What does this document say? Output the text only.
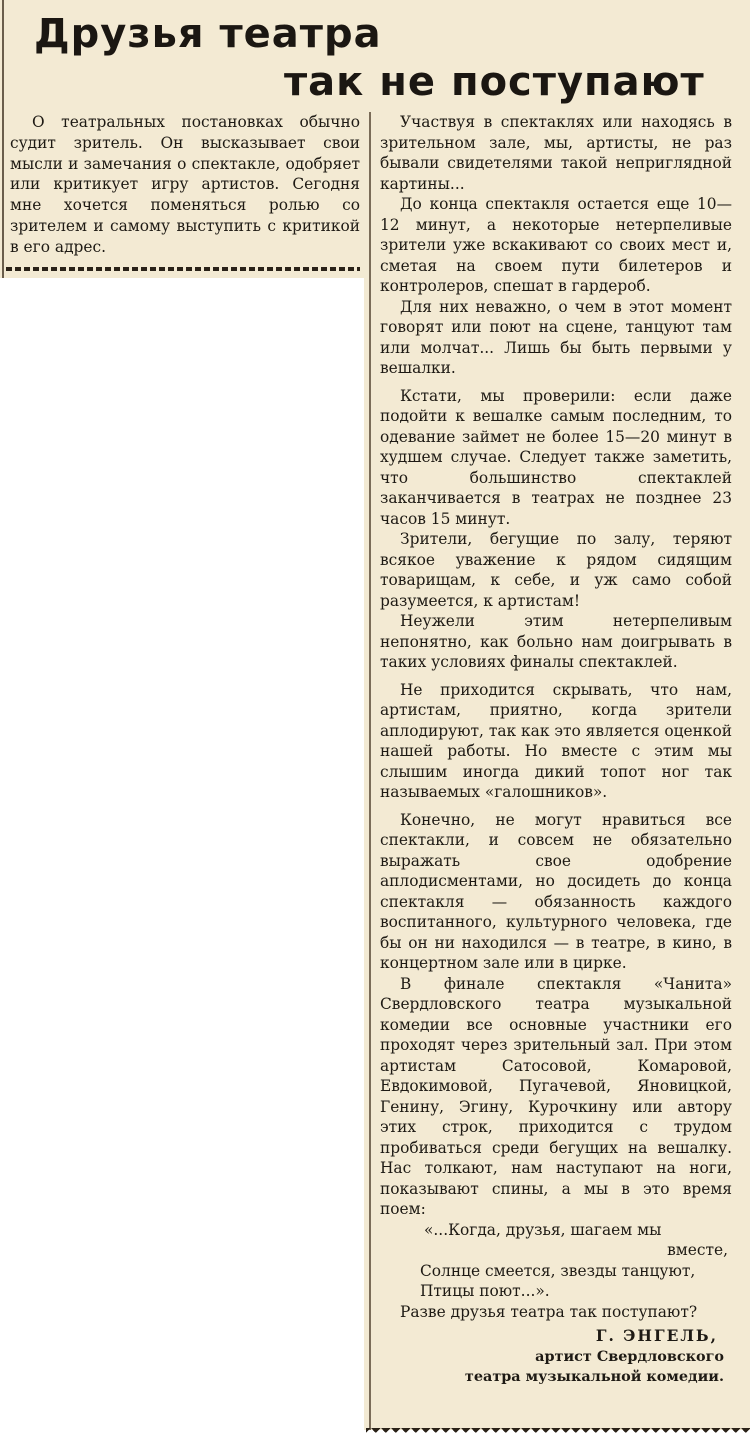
Друзья театра
так не поступают
О театральных постановках обычно судит зритель. Он высказывает свои мысли и замечания о спектакле, одобряет или критикует игру артистов. Сегодня мне хочется поменяться ролью со зрителем и самому выступить с критикой в его адрес.

Участвуя в спектаклях или находясь в зрительном зале, мы, артисты, не раз бывали свидетелями такой неприглядной картины...

До конца спектакля остается еще 10—12 минут, а некоторые нетерпеливые зрители уже вскакивают со своих мест и, сметая на своем пути билетеров и контролеров, спешат в гардероб.

Для них неважно, о чем в этот момент говорят или поют на сцене, танцуют там или молчат... Лишь бы быть первыми у вешалки.

Кстати, мы проверили: если даже подойти к вешалке самым последним, то одевание займет не более 15—20 минут в худшем случае. Следует также заметить, что большинство спектаклей заканчивается в театрах не позднее 23 часов 15 минут.

Зрители, бегущие по залу, теряют всякое уважение к рядом сидящим товарищам, к себе, и уж само собой разумеется, к артистам!

Неужели этим нетерпеливым непонятно, как больно нам доигрывать в таких условиях финалы спектаклей.

Не приходится скрывать, что нам, артистам, приятно, когда зрители аплодируют, так как это является оценкой нашей работы. Но вместе с этим мы слышим иногда дикий топот ног так называемых «галошников».

Конечно, не могут нравиться все спектакли, и совсем не обязательно выражать свое одобрение аплодисментами, но досидеть до конца спектакля — обязанность каждого воспитанного, культурного человека, где бы он ни находился — в театре, в кино, в концертном зале или в цирке.

В финале спектакля «Чанита» Свердловского театра музыкальной комедии все основные участники его проходят через зрительный зал. При этом артистам Сатосовой, Комаровой, Евдокимовой, Пугачевой, Яновицкой, Генину, Эгину, Курочкину или автору этих строк, приходится с трудом пробиваться среди бегущих на вешалку. Нас толкают, нам наступают на ноги, показывают спины, а мы в это время поем:

«...Когда, друзья, шагаем мы
вместе,
Солнце смеется, звезды танцуют,
Птицы поют...».

Разве друзья театра так поступают?

Г. ЭНГЕЛЬ,
артист Свердловского
театра музыкальной комедии.
